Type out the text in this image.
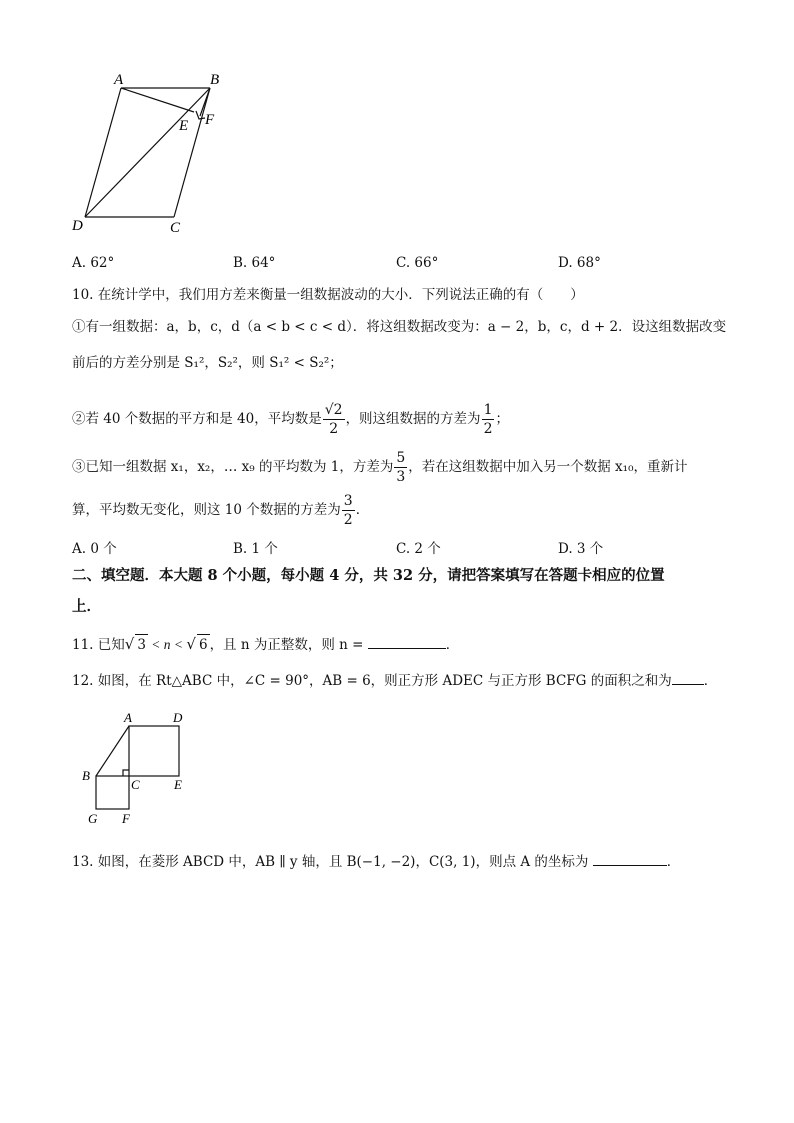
A	B
E F
D	C
A. 62°	B. 64°	C. 66°	D. 68°
10. 在统计学中，我们用方差来衡量一组数据波动的大小．下列说法正确的有（　　）
①有一组数据：a，b，c，d（a < b < c < d）．将这组数据改变为：a − 2，b，c，d + 2．设这组数据改变
前后的方差分别是 S₁²，S₂²，则 S₁² < S₂²；
②若 40 个数据的平方和是 40，平均数是 $\frac{√2}{2}$ ，则这组数据的方差为 $\frac{1}{2}$ ；
③已知一组数据 x₁，x₂，… x₉ 的平均数为 1，方差为 $\frac{5}{3}$ ，若在这组数据中加入另一个数据 x₁₀，重新计
算，平均数无变化，则这 10 个数据的方差为 $\frac{3}{2}$ ．
A. 0 个	B. 1 个	C. 2 个	D. 3 个
二、填空题．本大题 8 个小题，每小题 4 分，共 32 分，请把答案填写在答题卡相应的位置
上．
11. 已知√ 3 < n < √ 6 ，且 n 为正整数，则 n =	．
12. 如图，在 Rt△ABC 中，∠C = 90°，AB = 6，则正方形 ADEC 与正方形 BCFG 的面积之和为 ．
A	D
B
C	E
G F
13. 如图，在菱形 ABCD 中，AB ∥ y 轴，且 B(−1, −2)，C(3, 1)，则点 A 的坐标为	．
